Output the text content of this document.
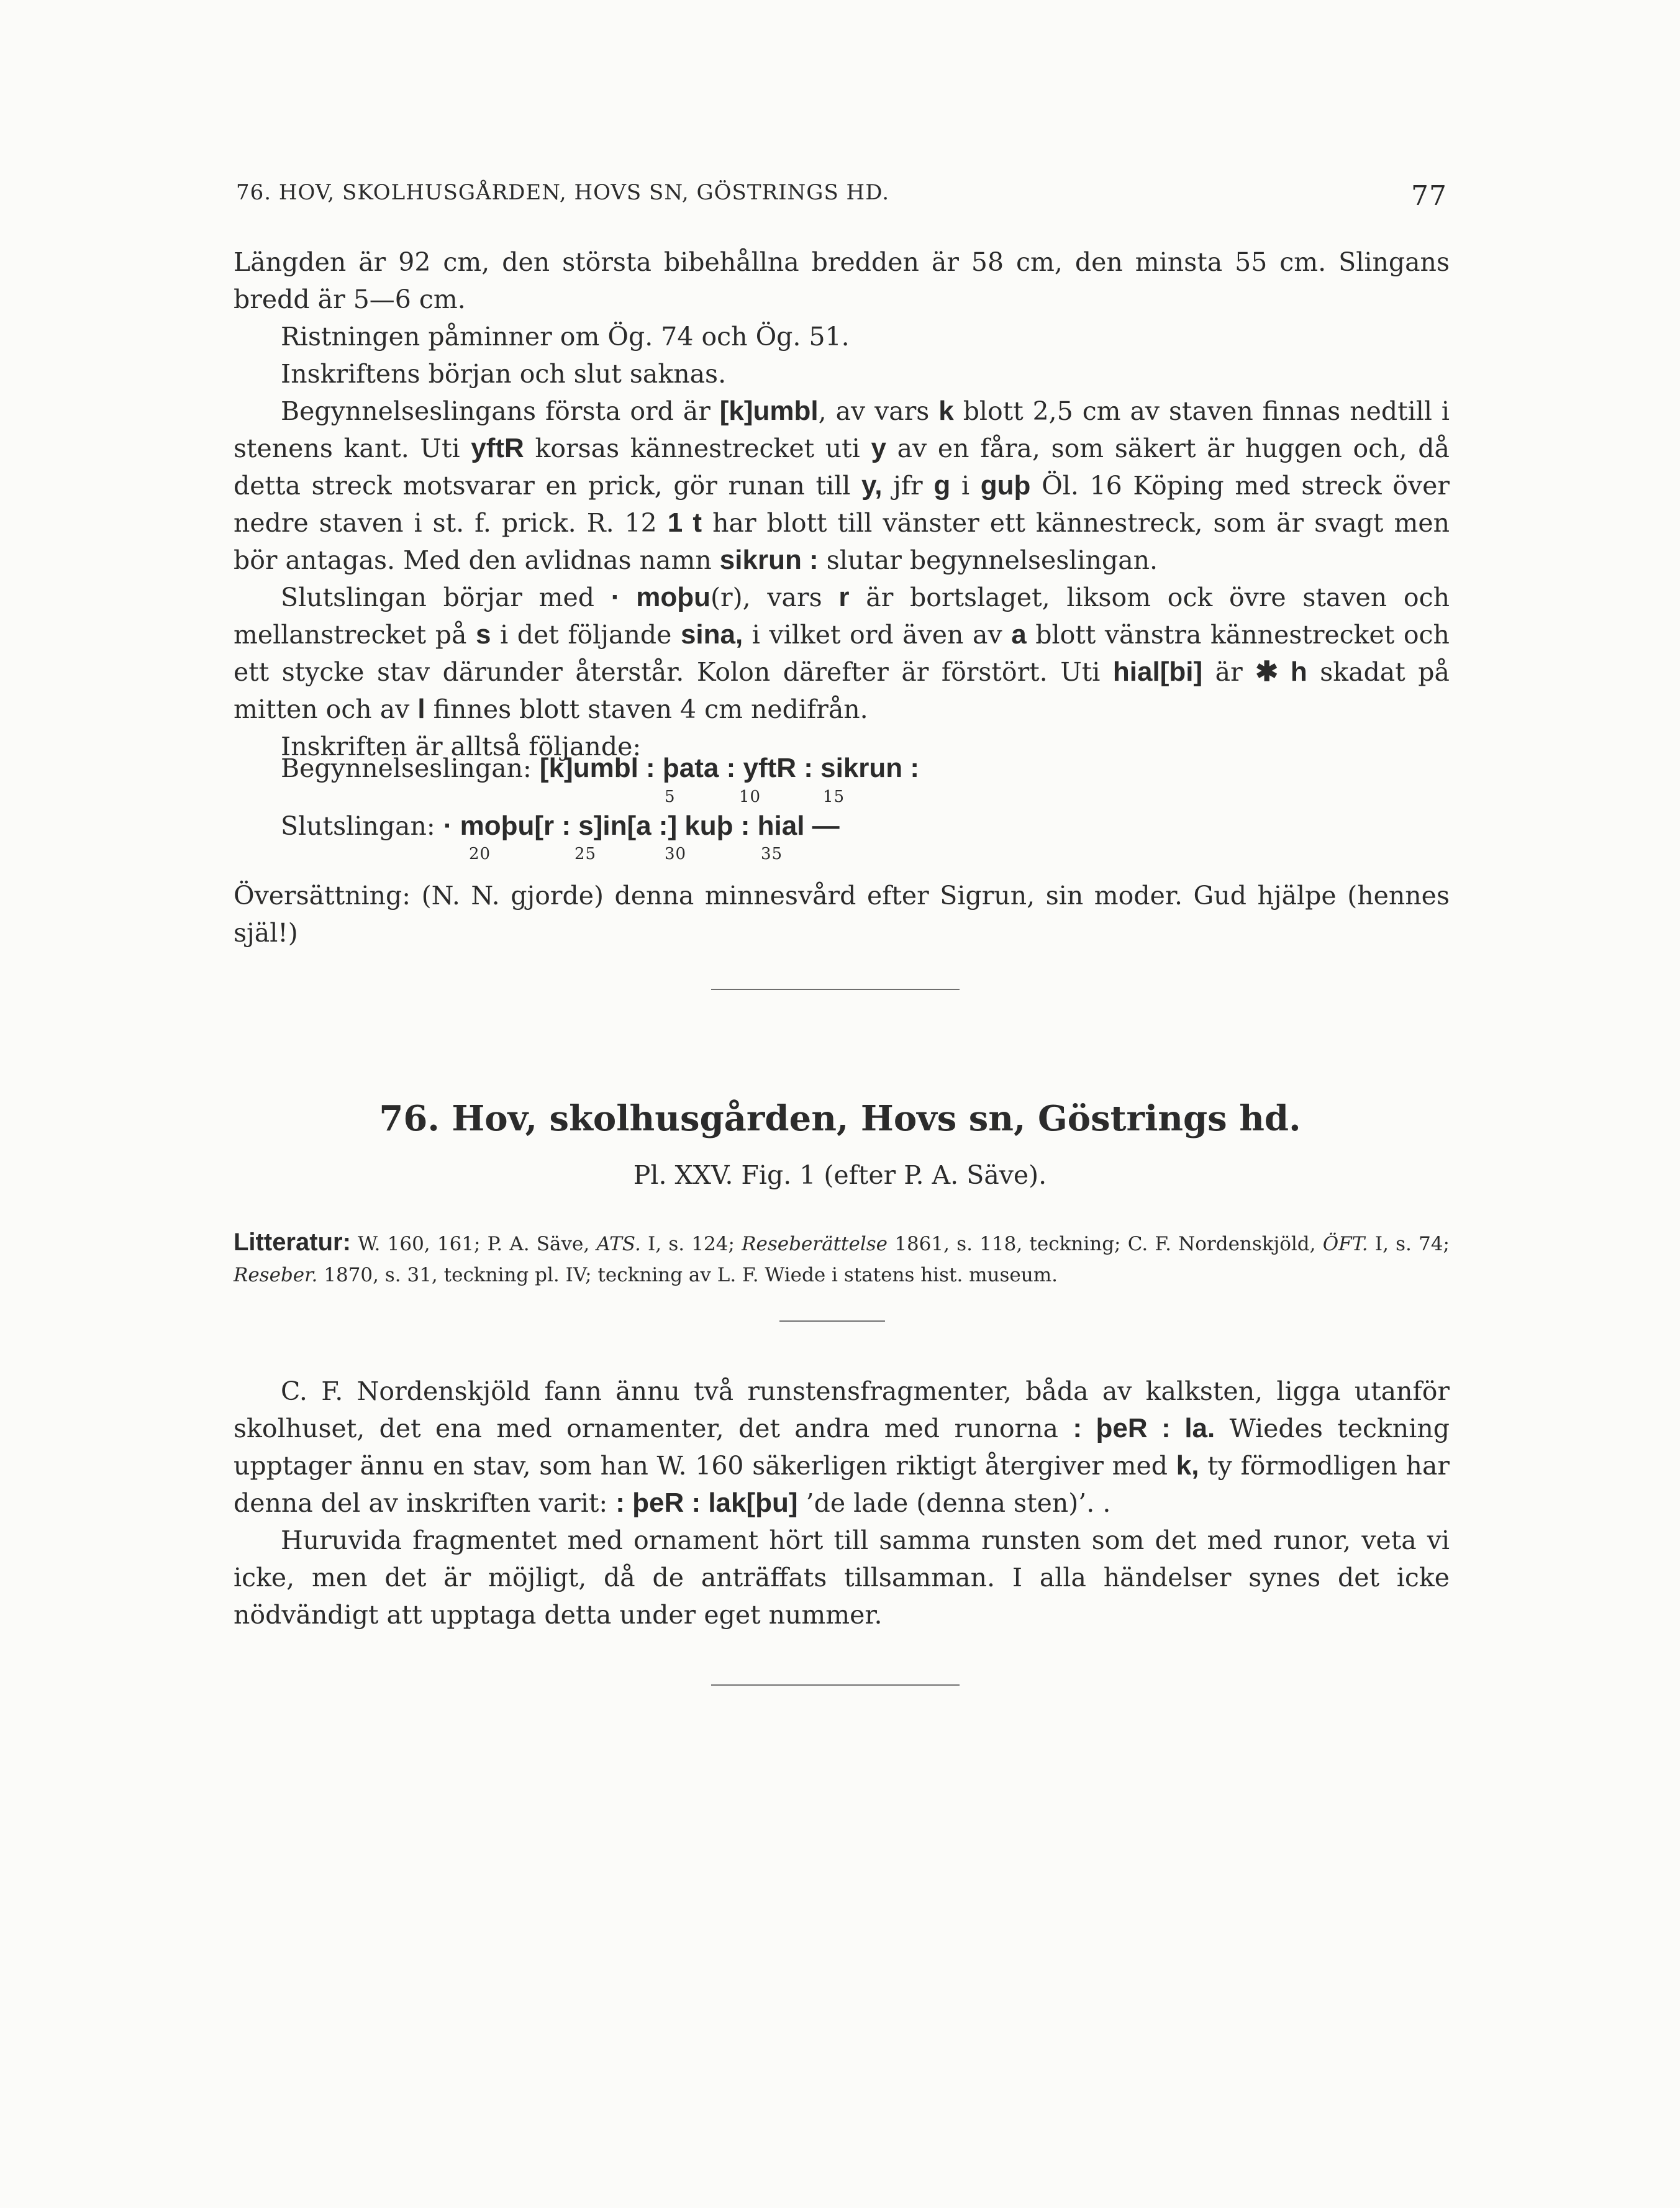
76. HOV, SKOLHUSGÅRDEN, HOVS SN, GÖSTRINGS HD.	77

Längden är 92 cm, den största bibehållna bredden är 58 cm, den minsta 55 cm. Slingans bredd är 5—6 cm.

Ristningen påminner om Ög. 74 och Ög. 51.

Inskriftens början och slut saknas.

Begynnelseslingans första ord är [k]umbl, av vars k blott 2,5 cm av staven finnas nedtill i stenens kant. Uti yftR korsas kännestrecket uti y av en fåra, som säkert är huggen och, då detta streck motsvarar en prick, gör runan till y, jfr g i guþ Öl. 16 Köping med streck över nedre staven i st. f. prick. R. 12 1 t har blott till vänster ett kännestreck, som är svagt men bör antagas. Med den avlidnas namn sikrun : slutar begynnelseslingan.

Slutslingan börjar med · moþu(r), vars r är bortslaget, liksom ock övre staven och mellanstrecket på s i det följande sina, i vilket ord även av a blott vänstra kännestrecket och ett stycke stav därunder återstår. Kolon därefter är förstört. Uti hial[bi] är ✱ h skadat på mitten och av l finnes blott staven 4 cm nedifrån.

Inskriften är alltså följande:

Begynnelseslingan: [k]umbl : þata : yftR : sikrun :
5	10	15
Slutslingan: · moþu[r : s]in[a :] kuþ : hial —
20	25	30	35

Översättning: (N. N. gjorde) denna minnesvård efter Sigrun, sin moder. Gud hjälpe (hennes själ!)

76. Hov, skolhusgården, Hovs sn, Göstrings hd.
Pl. XXV. Fig. 1 (efter P. A. Säve).
Litteratur: W. 160, 161; P. A. Säve, ATS. I, s. 124; Reseberättelse 1861, s. 118, teckning; C. F. Nordenskjöld, ÖFT. I, s. 74; Reseber. 1870, s. 31, teckning pl. IV; teckning av L. F. Wiede i statens hist. museum.

C. F. Nordenskjöld fann ännu två runstensfragmenter, båda av kalksten, ligga utanför skolhuset, det ena med ornamenter, det andra med runorna : þeR : la. Wiedes teckning upptager ännu en stav, som han W. 160 säkerligen riktigt återgiver med k, ty förmodligen har denna del av inskriften varit: : þeR : lak[þu] ’de lade (denna sten)’. .

Huruvida fragmentet med ornament hört till samma runsten som det med runor, veta vi icke, men det är möjligt, då de anträffats tillsamman. I alla händelser synes det icke nödvändigt att upptaga detta under eget nummer.
